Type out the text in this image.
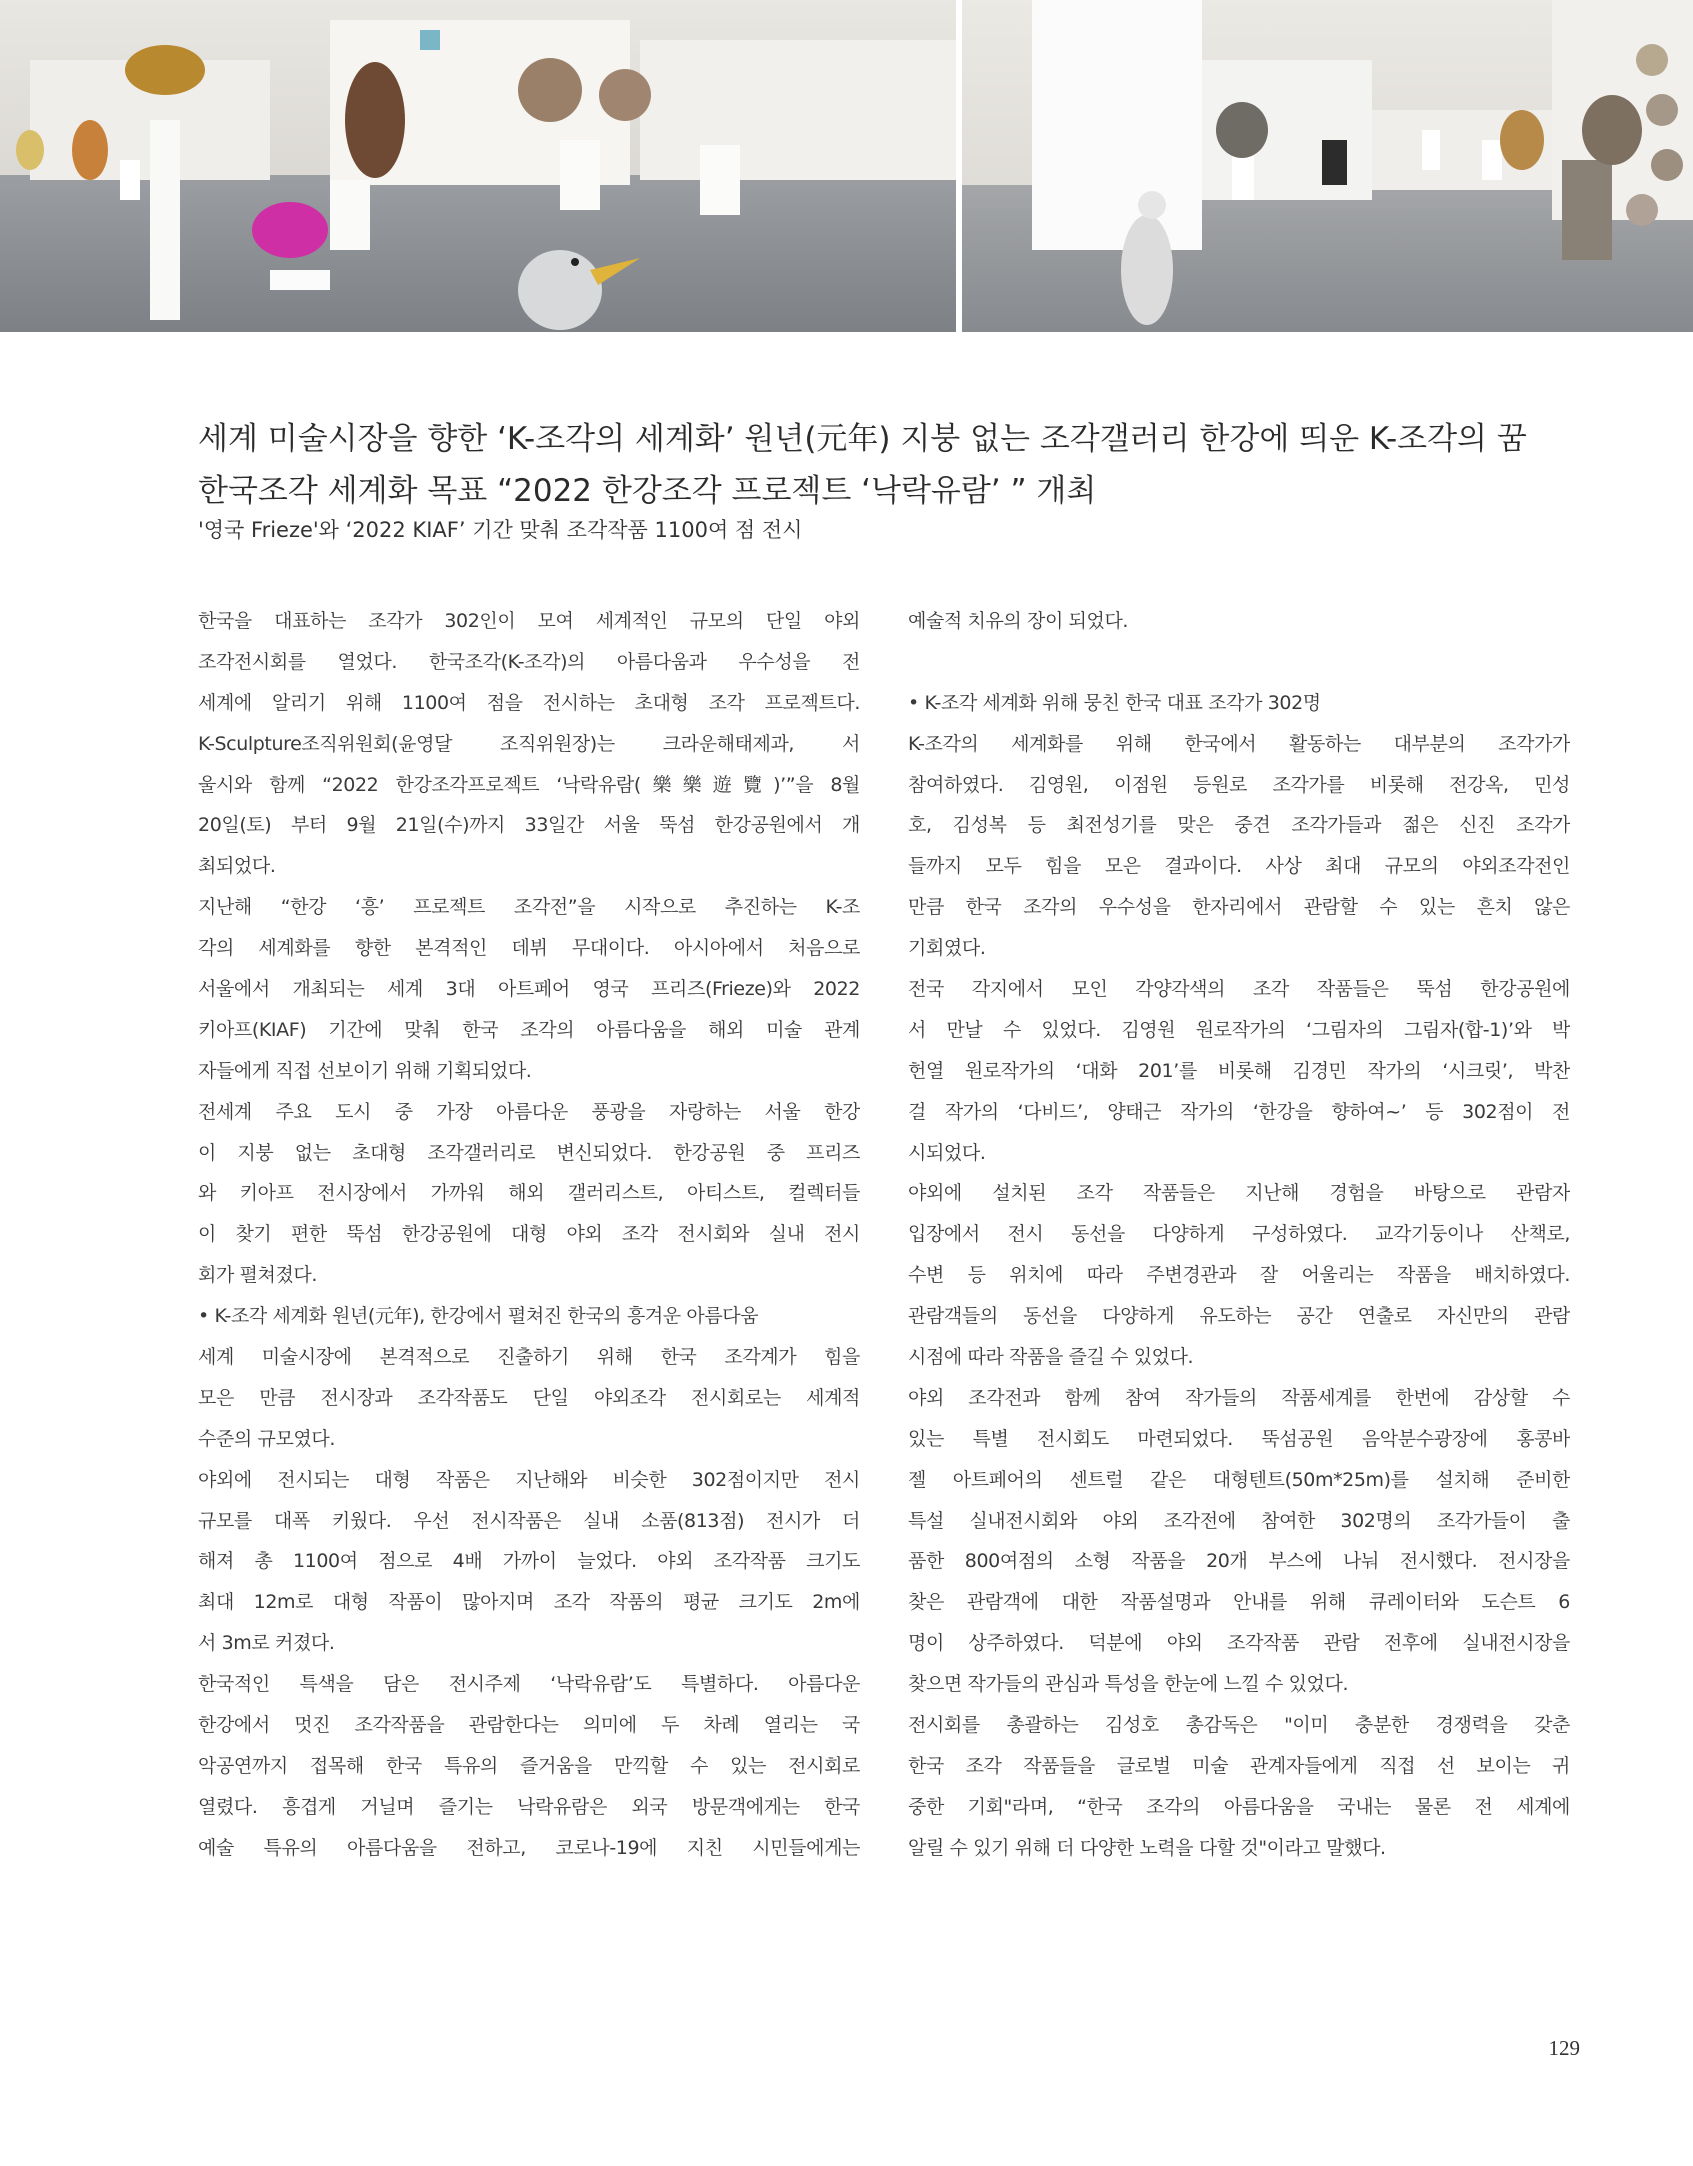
세계 미술시장을 향한 ‘K-조각의 세계화’ 원년(元年) 지붕 없는 조각갤러리 한강에 띄운 K-조각의 꿈
한국조각 세계화 목표 “2022 한강조각 프로젝트 ‘낙락유람’ ” 개최

'영국 Frieze'와 ‘2022 KIAF’ 기간 맞춰 조각작품 1100여 점 전시

한국을 대표하는 조각가 302인이 모여 세계적인 규모의 단일 야외
조각전시회를 열었다. 한국조각(K-조각)의 아름다움과 우수성을 전
세계에 알리기 위해 1100여 점을 전시하는 초대형 조각 프로젝트다.
K-Sculpture조직위원회(윤영달 조직위원장)는 크라운해태제과, 서
울시와 함께 “2022 한강조각프로젝트 ‘낙락유람(樂樂遊覽)’”을 8월
20일(토) 부터 9월 21일(수)까지 33일간 서울 뚝섬 한강공원에서 개
최되었다.
지난해 “한강 ‘흥’ 프로젝트 조각전”을 시작으로 추진하는 K-조
각의 세계화를 향한 본격적인 데뷔 무대이다. 아시아에서 처음으로
서울에서 개최되는 세계 3대 아트페어 영국 프리즈(Frieze)와 2022
키아프(KIAF) 기간에 맞춰 한국 조각의 아름다움을 해외 미술 관계
자들에게 직접 선보이기 위해 기획되었다.
전세계 주요 도시 중 가장 아름다운 풍광을 자랑하는 서울 한강
이 지붕 없는 초대형 조각갤러리로 변신되었다. 한강공원 중 프리즈
와 키아프 전시장에서 가까워 해외 갤러리스트, 아티스트, 컬렉터들
이 찾기 편한 뚝섬 한강공원에 대형 야외 조각 전시회와 실내 전시
회가 펼쳐졌다.
• K-조각 세계화 원년(元年), 한강에서 펼쳐진 한국의 흥겨운 아름다움
세계 미술시장에 본격적으로 진출하기 위해 한국 조각계가 힘을
모은 만큼 전시장과 조각작품도 단일 야외조각 전시회로는 세계적
수준의 규모였다.
야외에 전시되는 대형 작품은 지난해와 비슷한 302점이지만 전시
규모를 대폭 키웠다. 우선 전시작품은 실내 소품(813점) 전시가 더
해져 총 1100여 점으로 4배 가까이 늘었다. 야외 조각작품 크기도
최대 12m로 대형 작품이 많아지며 조각 작품의 평균 크기도 2m에
서 3m로 커졌다.
한국적인 특색을 담은 전시주제 ‘낙락유람’도 특별하다. 아름다운
한강에서 멋진 조각작품을 관람한다는 의미에 두 차례 열리는 국
악공연까지 접목해 한국 특유의 즐거움을 만끽할 수 있는 전시회로
열렸다. 흥겹게 거닐며 즐기는 낙락유람은 외국 방문객에게는 한국
예술 특유의 아름다움을 전하고, 코로나-19에 지친 시민들에게는
예술적 치유의 장이 되었다.
• K-조각 세계화 위해 뭉친 한국 대표 조각가 302명
K-조각의 세계화를 위해 한국에서 활동하는 대부분의 조각가가
참여하였다. 김영원, 이점원 등원로 조각가를 비롯해 전강옥, 민성
호, 김성복 등 최전성기를 맞은 중견 조각가들과 젊은 신진 조각가
들까지 모두 힘을 모은 결과이다. 사상 최대 규모의 야외조각전인
만큼 한국 조각의 우수성을 한자리에서 관람할 수 있는 흔치 않은
기회였다.
전국 각지에서 모인 각양각색의 조각 작품들은 뚝섬 한강공원에
서 만날 수 있었다. 김영원 원로작가의 ‘그림자의 그림자(합-1)’와 박
헌열 원로작가의 ‘대화 201’를 비롯해 김경민 작가의 ‘시크릿’, 박찬
걸 작가의 ‘다비드’, 양태근 작가의 ‘한강을 향하여~’ 등 302점이 전
시되었다.
야외에 설치된 조각 작품들은 지난해 경험을 바탕으로 관람자
입장에서 전시 동선을 다양하게 구성하였다. 교각기둥이나 산책로,
수변 등 위치에 따라 주변경관과 잘 어울리는 작품을 배치하였다.
관람객들의 동선을 다양하게 유도하는 공간 연출로 자신만의 관람
시점에 따라 작품을 즐길 수 있었다.
야외 조각전과 함께 참여 작가들의 작품세계를 한번에 감상할 수
있는 특별 전시회도 마련되었다. 뚝섬공원 음악분수광장에 홍콩바
젤 아트페어의 센트럴 같은 대형텐트(50m*25m)를 설치해 준비한
특설 실내전시회와 야외 조각전에 참여한 302명의 조각가들이 출
품한 800여점의 소형 작품을 20개 부스에 나눠 전시했다. 전시장을
찾은 관람객에 대한 작품설명과 안내를 위해 큐레이터와 도슨트 6
명이 상주하였다. 덕분에 야외 조각작품 관람 전후에 실내전시장을
찾으면 작가들의 관심과 특성을 한눈에 느낄 수 있었다.
전시회를 총괄하는 김성호 총감독은 "이미 충분한 경쟁력을 갖춘
한국 조각 작품들을 글로벌 미술 관계자들에게 직접 선 보이는 귀
중한 기회"라며, “한국 조각의 아름다움을 국내는 물론 전 세계에
알릴 수 있기 위해 더 다양한 노력을 다할 것"이라고 말했다.
129
